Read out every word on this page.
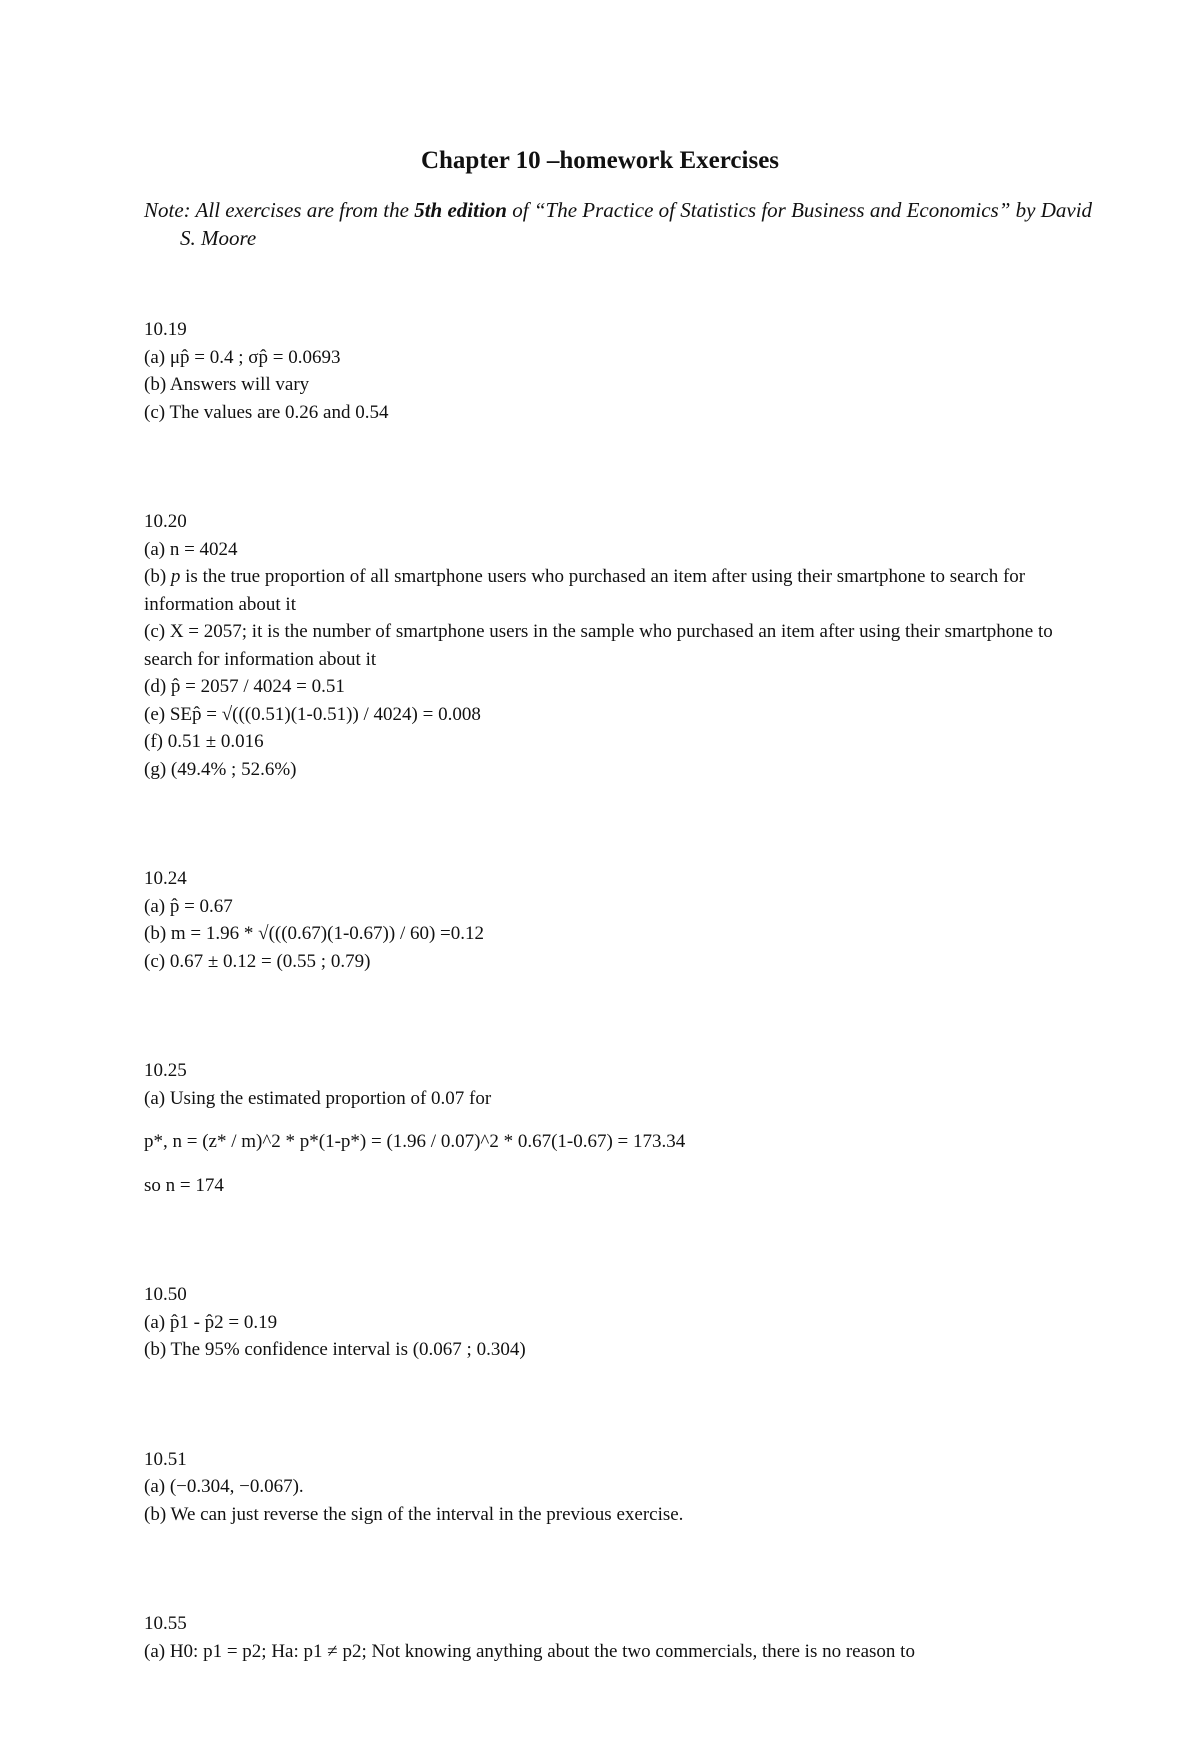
Chapter 10 –homework Exercises

Note: All exercises are from the 5th edition of “The Practice of Statistics for Business and Economics” by David S. Moore

10.19

(a) μp̂ = 0.4 ; σp̂ = 0.0693

(b) Answers will vary

(c) The values are 0.26 and 0.54

10.20

(a) n = 4024

(b) p is the true proportion of all smartphone users who purchased an item after using their smartphone to search for information about it

(c) X = 2057; it is the number of smartphone users in the sample who purchased an item after using their smartphone to search for information about it

(d) p̂ = 2057 / 4024 = 0.51

(e) SEp̂ = √(((0.51)(1-0.51)) / 4024) = 0.008

(f) 0.51 ± 0.016

(g) (49.4% ; 52.6%)

10.24

(a) p̂ = 0.67

(b) m = 1.96 * √(((0.67)(1-0.67)) / 60) =0.12

(c) 0.67 ± 0.12 = (0.55 ; 0.79)

10.25

(a) Using the estimated proportion of 0.07 for

p*, n = (z* / m)^2 * p*(1-p*) = (1.96 / 0.07)^2 * 0.67(1-0.67) = 173.34

so n = 174

10.50

(a) p̂1 - p̂2 = 0.19

(b) The 95% confidence interval is (0.067 ; 0.304)

10.51

(a) (−0.304, −0.067).

(b) We can just reverse the sign of the interval in the previous exercise.

10.55

(a) H0: p1 = p2; Ha: p1 ≠ p2; Not knowing anything about the two commercials, there is no reason to
